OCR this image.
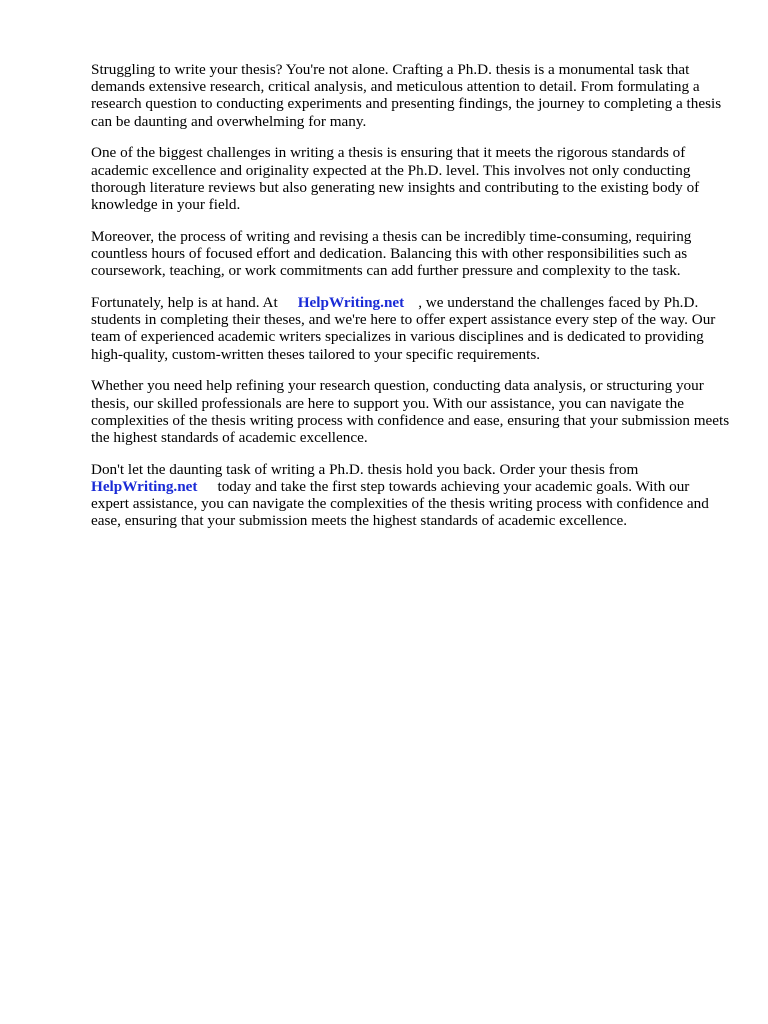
Struggling to write your thesis? You're not alone. Crafting a Ph.D. thesis is a monumental task that demands extensive research, critical analysis, and meticulous attention to detail. From formulating a research question to conducting experiments and presenting findings, the journey to completing a thesis can be daunting and overwhelming for many.

One of the biggest challenges in writing a thesis is ensuring that it meets the rigorous standards of academic excellence and originality expected at the Ph.D. level. This involves not only conducting thorough literature reviews but also generating new insights and contributing to the existing body of knowledge in your field.

Moreover, the process of writing and revising a thesis can be incredibly time-consuming, requiring countless hours of focused effort and dedication. Balancing this with other responsibilities such as coursework, teaching, or work commitments can add further pressure and complexity to the task.

Fortunately, help is at hand. At HelpWriting.net , we understand the challenges faced by Ph.D. students in completing their theses, and we're here to offer expert assistance every step of the way. Our team of experienced academic writers specializes in various disciplines and is dedicated to providing high-quality, custom-written theses tailored to your specific requirements.

Whether you need help refining your research question, conducting data analysis, or structuring your thesis, our skilled professionals are here to support you. With our assistance, you can navigate the complexities of the thesis writing process with confidence and ease, ensuring that your submission meets the highest standards of academic excellence.

Don't let the daunting task of writing a Ph.D. thesis hold you back. Order your thesis from
HelpWriting.net today and take the first step towards achieving your academic goals. With our expert assistance, you can navigate the complexities of the thesis writing process with confidence and ease, ensuring that your submission meets the highest standards of academic excellence.
